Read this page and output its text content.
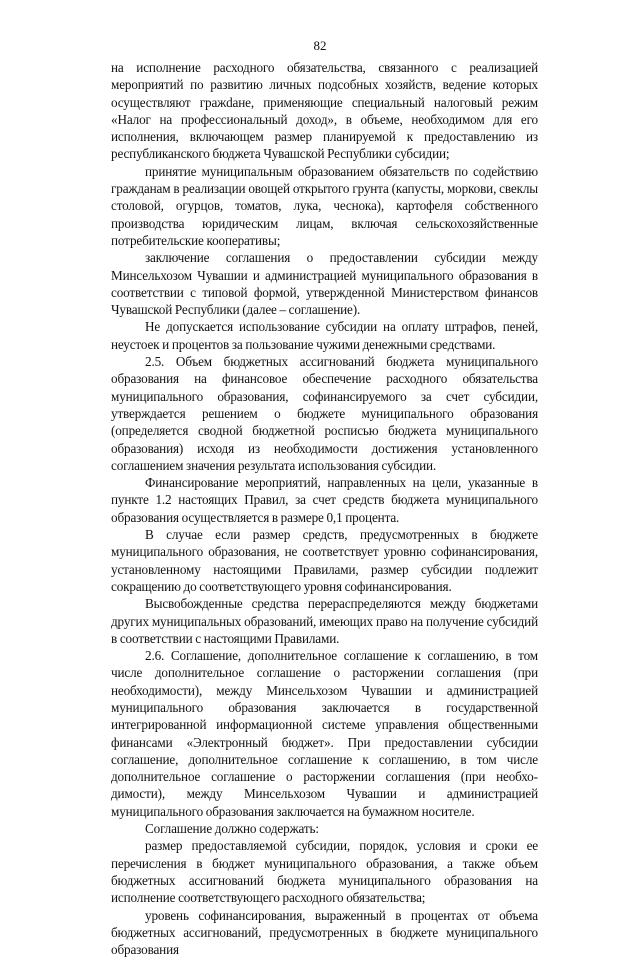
82

на исполнение расходного обязательства, связанного с реализацией мероприятий по развитию личных подсобных хозяйств, ведение которых осуществляют гражdане, применяющие специальный налоговый режим «Налог на профессиональный доход», в объеме, необходимом для его исполнения, включающем размер планируемой к предоставлению из республиканского бюджета Чувашской Республики субсидии;

принятие муниципальным образованием обязательств по содействию гражданам в реализации овощей открытого грунта (капусты, моркови, свеклы столовой, огурцов, томатов, лука, чеснока), картофеля собственного производства юридическим лицам, включая сельскохозяйственные потребительские кооперативы;

заключение соглашения о предоставлении субсидии между Минсельхозом Чувашии и администрацией муниципального образования в соответствии с типовой формой, утвержденной Министерством финансов Чувашской Республики (далее – соглашение).

Не допускается использование субсидии на оплату штрафов, пеней, неустоек и процентов за пользование чужими денежными средствами.

2.5. Объем бюджетных ассигнований бюджета муниципального образования на финансовое обеспечение расходного обязательства муниципального образования, софинансируемого за счет субсидии, утверждается решением о бюджете муниципального образования (определяется сводной бюджетной росписью бюджета муниципального образования) исходя из необходимости достижения установленного соглашением значения результата использования субсидии.

Финансирование мероприятий, направленных на цели, указанные в пункте 1.2 настоящих Правил, за счет средств бюджета муниципального образования осуществляется в размере 0,1 процента.

В случае если размер средств, предусмотренных в бюджете муниципального образования, не соответствует уровню софинансирования, установленному настоящими Правилами, размер субсидии подлежит сокращению до соответствующего уровня софинансирования.

Высвобожденные средства перераспределяются между бюджетами других муниципальных образований, имеющих право на получение субсидий в соответствии с настоящими Правилами.

2.6. Соглашение, дополнительное соглашение к соглашению, в том числе дополнительное соглашение о расторжении соглашения (при необходимости), между Минсельхозом Чувашии и администрацией муниципального образования заключается в государственной интегрированной информационной системе управления общественными финансами «Электронный бюджет». При предоставлении субсидии соглашение, дополнительное соглашение к соглашению, в том числе дополнительное соглашение о расторжении соглашения (при необходимости), между Минсельхозом Чувашии и администрацией муниципального образования заключается на бумажном носителе.

Соглашение должно содержать:

размер предоставляемой субсидии, порядок, условия и сроки ее перечисления в бюджет муниципального образования, а также объем бюджетных ассигнований бюджета муниципального образования на исполнение соответствующего расходного обязательства;

уровень софинансирования, выраженный в процентах от объема бюджетных ассигнований, предусмотренных в бюджете муниципального образования
